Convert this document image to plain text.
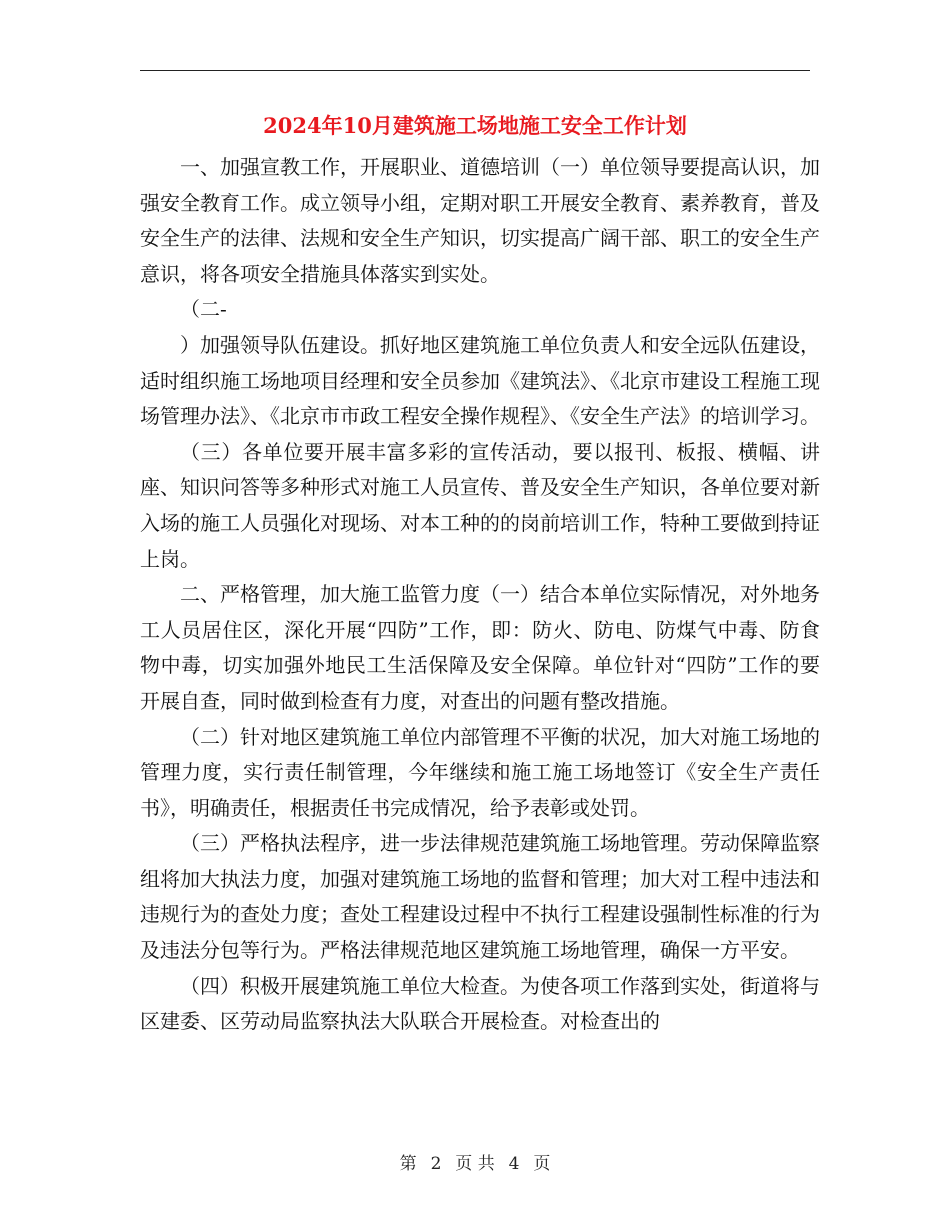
2024年10月建筑施工场地施工安全工作计划

一、加强宣教工作，开展职业、道德培训（一）单位领导要提高认识，加强安全教育工作。成立领导小组，定期对职工开展安全教育、素养教育，普及安全生产的法律、法规和安全生产知识，切实提高广阔干部、职工的安全生产意识，将各项安全措施具体落实到实处。

（二-

）加强领导队伍建设。抓好地区建筑施工单位负责人和安全远队伍建设，适时组织施工场地项目经理和安全员参加《建筑法》、《北京市建设工程施工现场管理办法》、《北京市市政工程安全操作规程》、《安全生产法》的培训学习。

（三）各单位要开展丰富多彩的宣传活动，要以报刊、板报、横幅、讲座、知识问答等多种形式对施工人员宣传、普及安全生产知识，各单位要对新入场的施工人员强化对现场、对本工种的的岗前培训工作，特种工要做到持证上岗。

二、严格管理，加大施工监管力度（一）结合本单位实际情况，对外地务工人员居住区，深化开展“四防”工作，即：防火、防电、防煤气中毒、防食物中毒，切实加强外地民工生活保障及安全保障。单位针对“四防”工作的要开展自查，同时做到检查有力度，对查出的问题有整改措施。

（二）针对地区建筑施工单位内部管理不平衡的状况，加大对施工场地的管理力度，实行责任制管理，今年继续和施工施工场地签订《安全生产责任书》，明确责任，根据责任书完成情况，给予表彰或处罚。

（三）严格执法程序，进一步法律规范建筑施工场地管理。劳动保障监察组将加大执法力度，加强对建筑施工场地的监督和管理；加大对工程中违法和违规行为的查处力度；查处工程建设过程中不执行工程建设强制性标准的行为及违法分包等行为。严格法律规范地区建筑施工场地管理，确保一方平安。

（四）积极开展建筑施工单位大检查。为使各项工作落到实处，街道将与区建委、区劳动局监察执法大队联合开展检查。对检查出的

第 2 页 共 4 页
